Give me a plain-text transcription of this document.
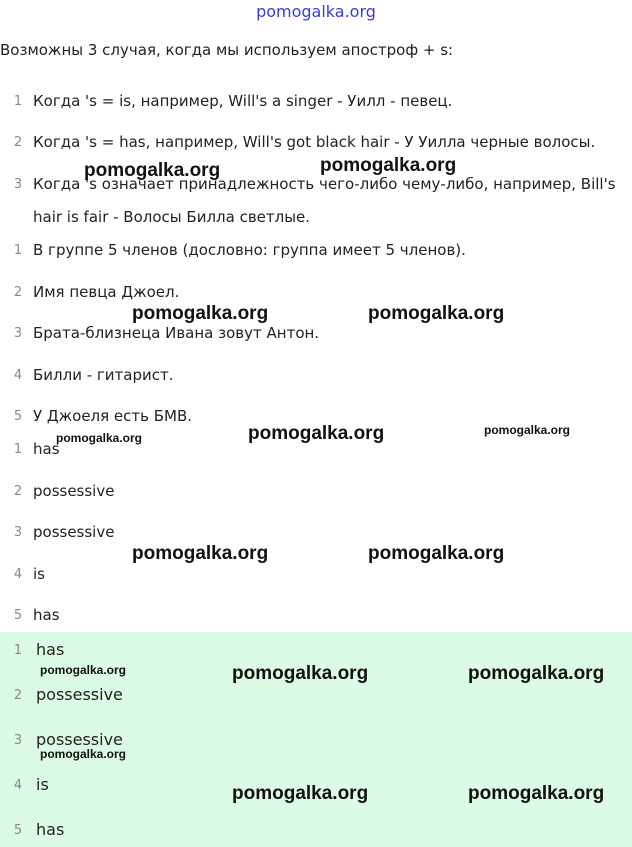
pomogalka.org
Возможны 3 случая, когда мы используем апостроф + s:
1 Когда 's = is, например, Will's a singer - Уилл - певец.
2 Когда 's = has, например, Will's got black hair - У Уилла черные волосы.
3 Когда 's означает принадлежность чего-либо чему-либо, например, Bill's
hair is fair - Волосы Билла светлые.
1 В группе 5 членов (дословно: группа имеет 5 членов).
2 Имя певца Джоел.
3 Брата-близнеца Ивана зовут Антон.
4 Билли - гитарист.
5 У Джоеля есть БМВ.
1 has
2 possessive
3 possessive
4 is
5 has
1 has
2 possessive
3 possessive
4 is
5 has
pomogalka.org	pomogalka.org
pomogalka.org	pomogalka.org
pomogalka.org	pomogalka.org	pomogalka.org
pomogalka.org	pomogalka.org
pomogalka.org	pomogalka.org	pomogalka.org
pomogalka.org
pomogalka.org	pomogalka.org
